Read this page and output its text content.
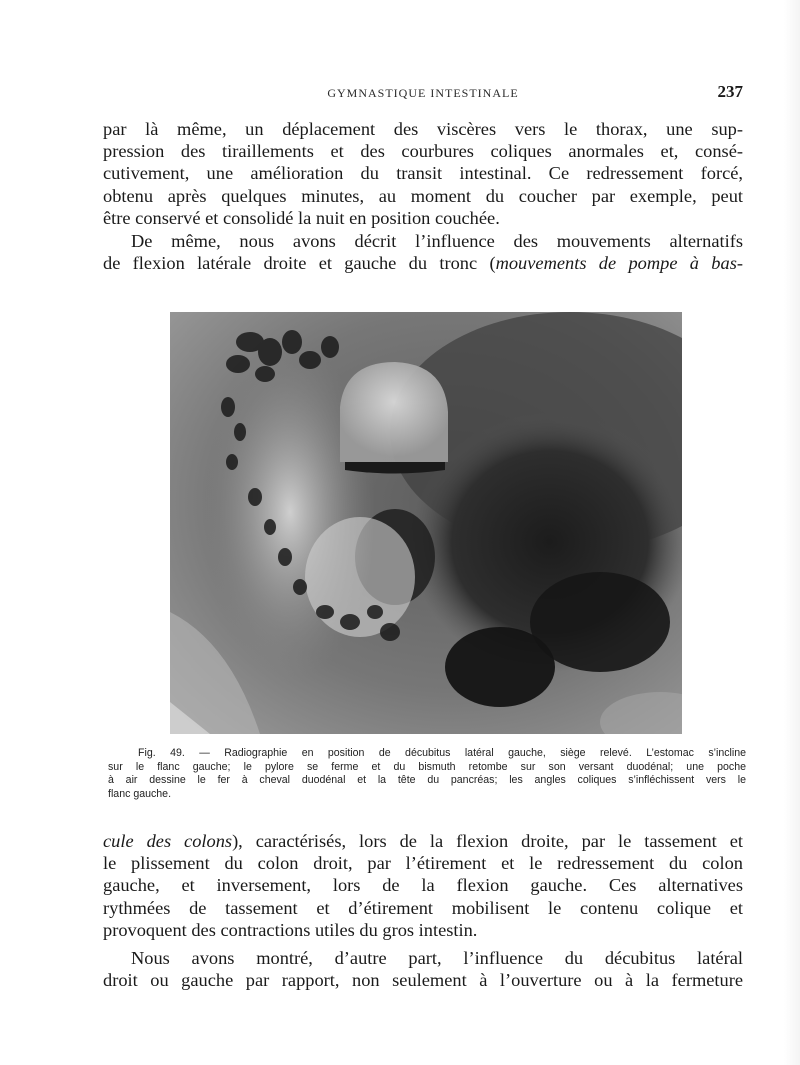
GYMNASTIQUE INTESTINALE	237
par là même, un déplacement des viscères vers le thorax, une sup-
pression des tiraillements et des courbures coliques anormales et, consé-
cutivement, une amélioration du transit intestinal. Ce redressement forcé,
obtenu après quelques minutes, au moment du coucher par exemple, peut
être conservé et consolidé la nuit en position couchée.
De même, nous avons décrit l’influence des mouvements alternatifs
de flexion latérale droite et gauche du tronc (mouvements de pompe à bas-
Fig. 49. — Radiographie en position de décubitus latéral gauche, siège relevé. L’estomac s’incline
sur le flanc gauche; le pylore se ferme et du bismuth retombe sur son versant duodénal; une poche
à air dessine le fer à cheval duodénal et la tête du pancréas; les angles coliques s’infléchissent vers le
flanc gauche.
cule des colons), caractérisés, lors de la flexion droite, par le tassement et
le plissement du colon droit, par l’étirement et le redressement du colon
gauche, et inversement, lors de la flexion gauche. Ces alternatives
rythmées de tassement et d’étirement mobilisent le contenu colique et
provoquent des contractions utiles du gros intestin.
Nous avons montré, d’autre part, l’influence du décubitus latéral
droit ou gauche par rapport, non seulement à l’ouverture ou à la fermeture
